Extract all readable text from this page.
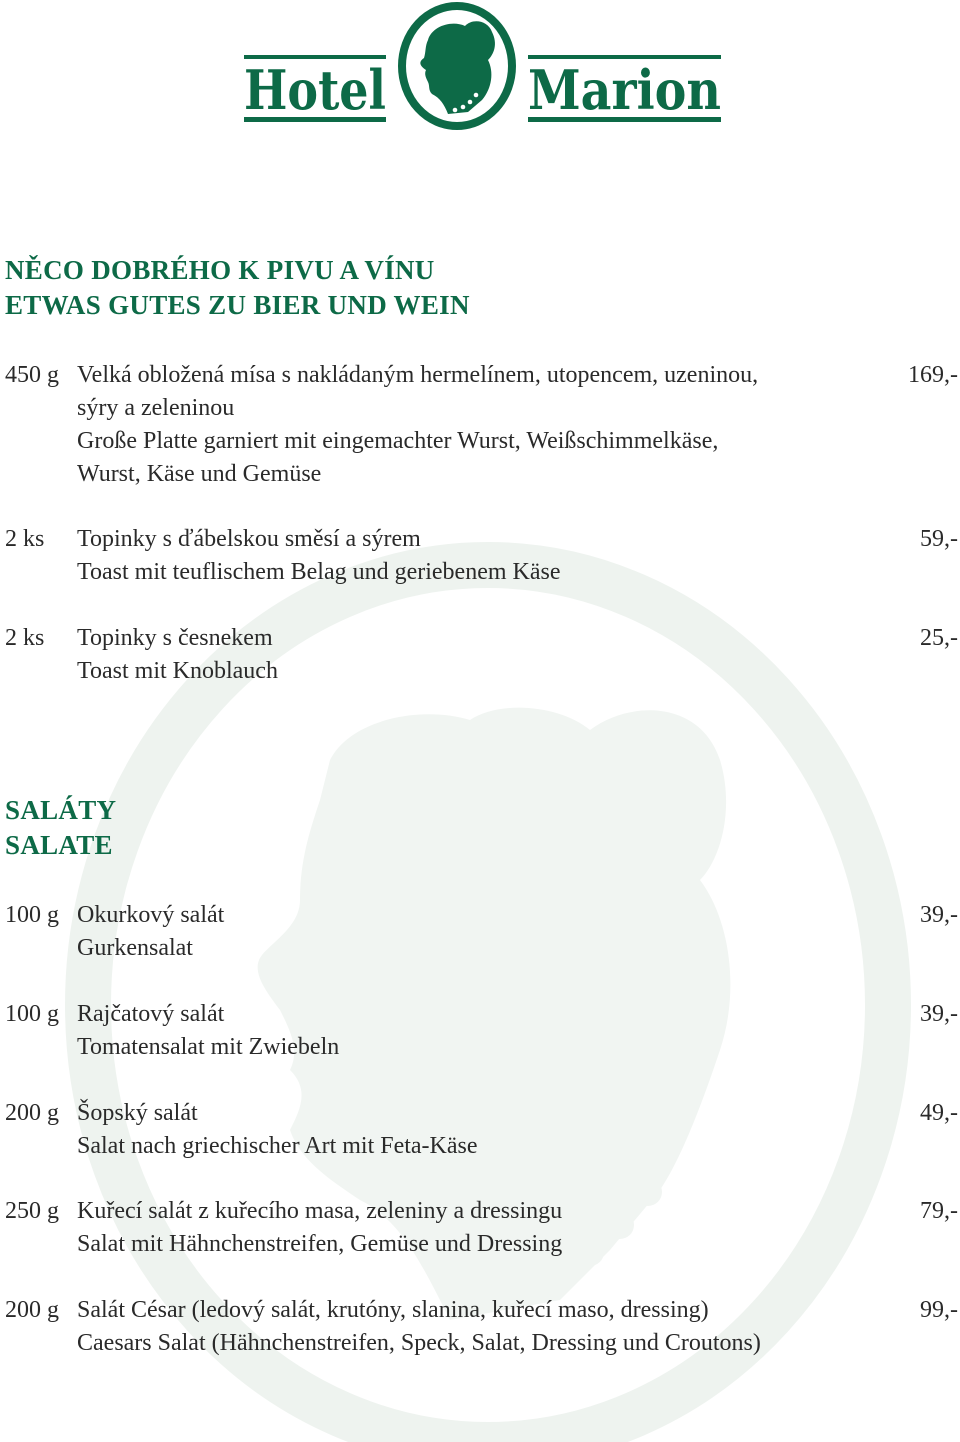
Hotel	Marion
NĚCO DOBRÉHO K PIVU A VÍNU
ETWAS GUTES ZU BIER UND WEIN
450 g Velká obložená mísa s nakládaným hermelínem, utopencem, uzeninou,
sýry a zeleninou
Große Platte garniert mit eingemachter Wurst, Weißschimmelkäse,
Wurst, Käse und Gemüse
169,-
2 ks Topinky s ďábelskou směsí a sýrem
Toast mit teuflischem Belag und geriebenem Käse
59,-
2 ks Topinky s česnekem
Toast mit Knoblauch
25,-
SALÁTY
SALATE
100 g Okurkový salát
Gurkensalat
39,-
100 g Rajčatový salát
Tomatensalat mit Zwiebeln
39,-
200 g Šopský salát
Salat nach griechischer Art mit Feta-Käse
49,-
250 g Kuřecí salát z kuřecího masa, zeleniny a dressingu
Salat mit Hähnchenstreifen, Gemüse und Dressing
79,-
200 g Salát César (ledový salát, krutóny, slanina, kuřecí maso, dressing)
Caesars Salat (Hähnchenstreifen, Speck, Salat, Dressing und Croutons)
99,-
